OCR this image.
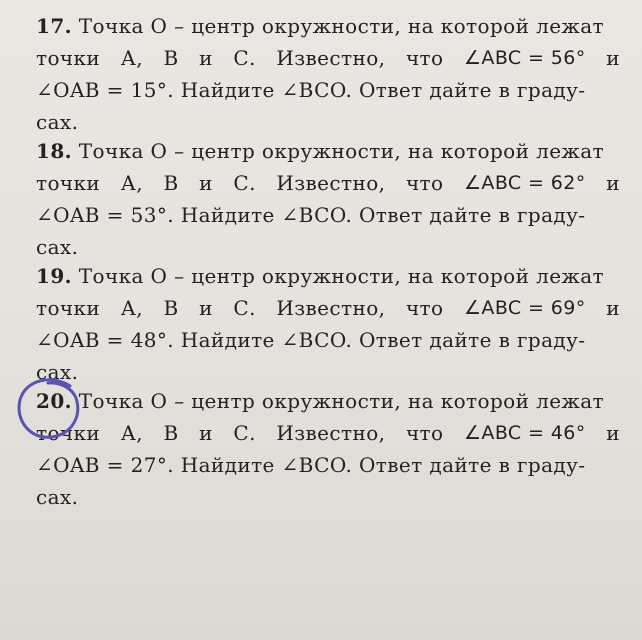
17. Точка О – центр окружности, на которой лежат
точки А, В и С. Известно, что ∠ABC = 56° и
∠OAB = 15°. Найдите ∠BCO. Ответ дайте в граду-
сах.
18. Точка О – центр окружности, на которой лежат
точки А, В и С. Известно, что ∠ABC = 62° и
∠OAB = 53°. Найдите ∠BCO. Ответ дайте в граду-
сах.
19. Точка О – центр окружности, на которой лежат
точки А, В и С. Известно, что ∠ABC = 69° и
∠OAB = 48°. Найдите ∠BCO. Ответ дайте в граду-
сах.
20. Точка О – центр окружности, на которой лежат
точки А, В и С. Известно, что ∠ABC = 46° и
∠OAB = 27°. Найдите ∠BCO. Ответ дайте в граду-
сах.
